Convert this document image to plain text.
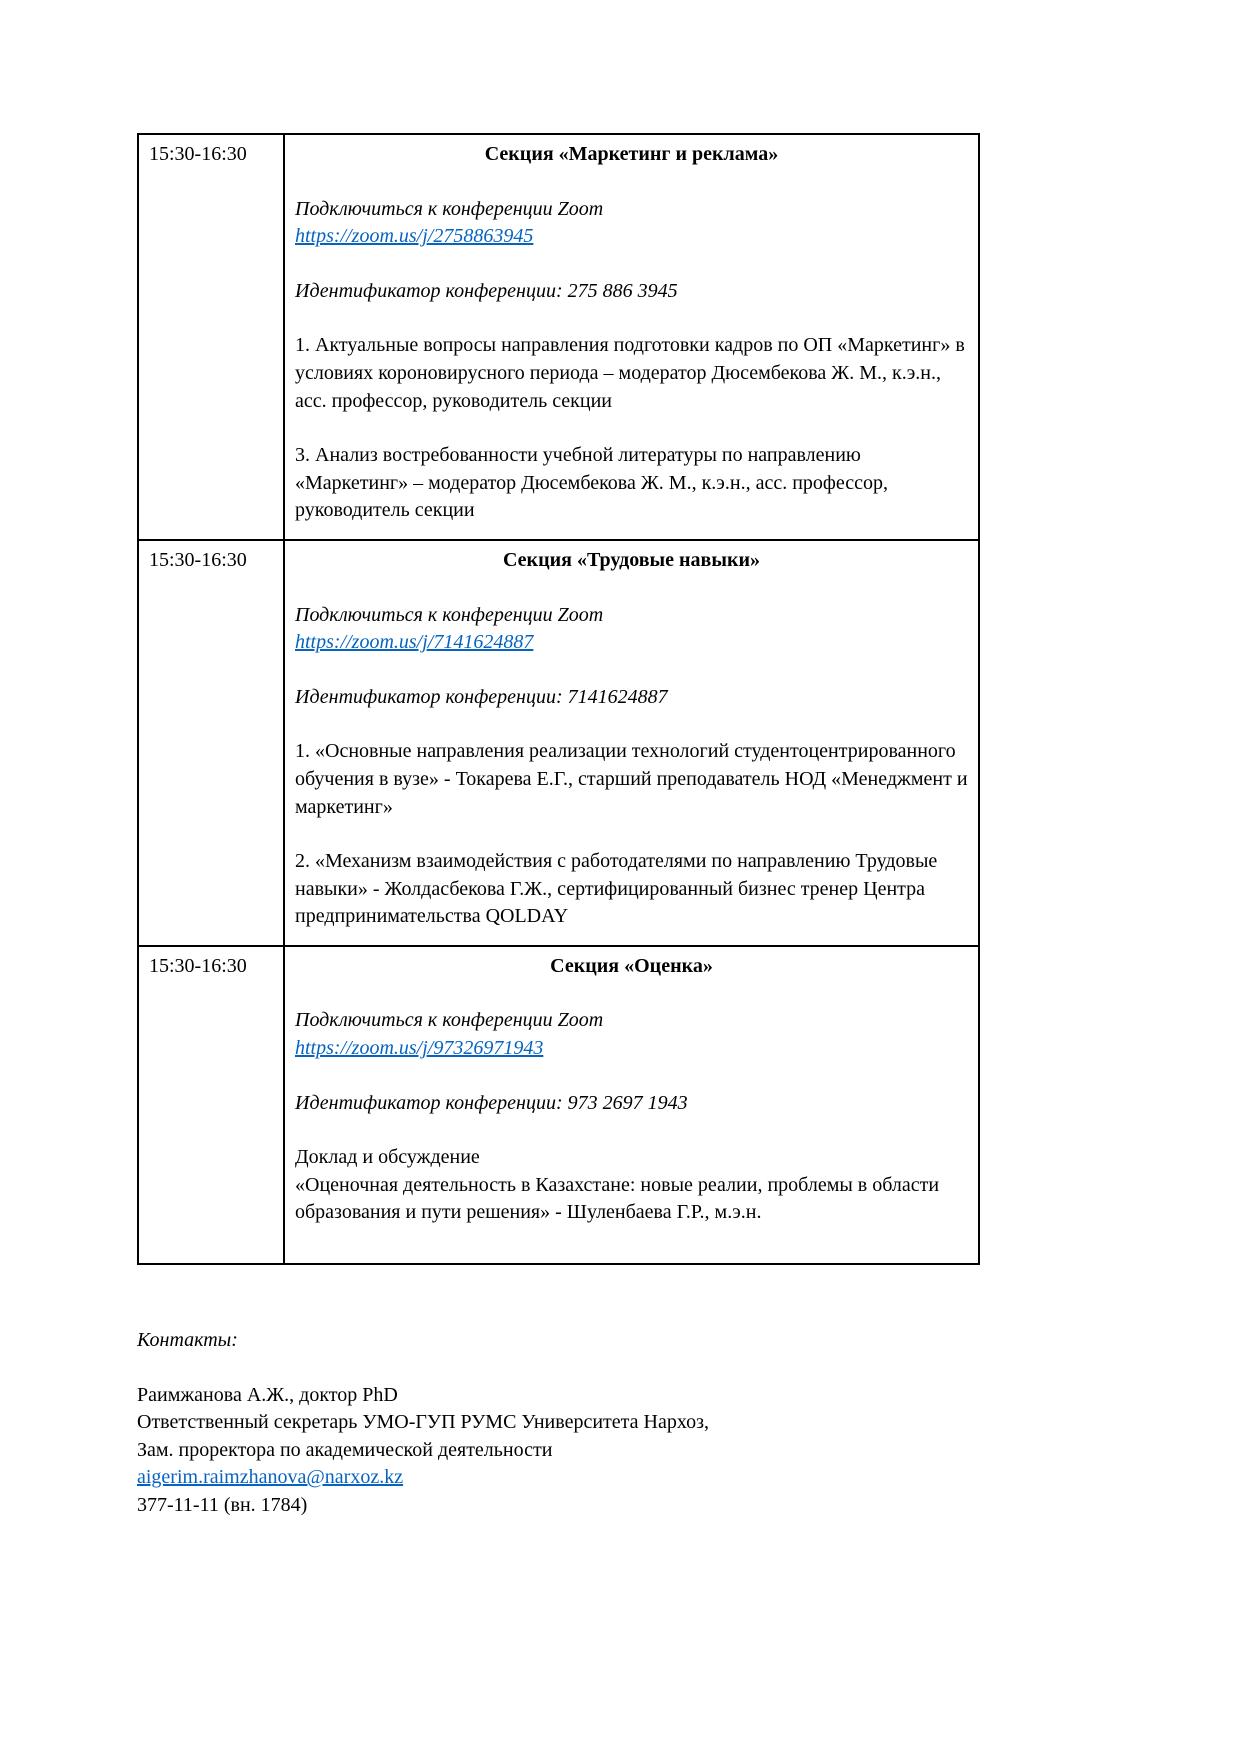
15:30-16:30	Секция «Маркетинг и реклама»
Подключиться к конференции Zoom
https://zoom.us/j/2758863945
Идентификатор конференции: 275 886 3945
1. Актуальные вопросы направления подготовки кадров по ОП «Маркетинг» в условиях короновирусного периода – модератор Дюсембекова Ж. М., к.э.н., асс. профессор, руководитель секции
3. Анализ востребованности учебной литературы по направлению «Маркетинг» – модератор Дюсембекова Ж. М., к.э.н., асс. профессор, руководитель секции

15:30-16:30	Секция «Трудовые навыки»
Подключиться к конференции Zoom
https://zoom.us/j/7141624887
Идентификатор конференции: 7141624887
1. «Основные направления реализации технологий студентоцентрированного обучения в вузе» - Токарева Е.Г., старший преподаватель НОД «Менеджмент и маркетинг»
2. «Механизм взаимодействия с работодателями по направлению Трудовые навыки» - Жолдасбекова Г.Ж., сертифицированный бизнес тренер Центра предпринимательства QOLDAY

15:30-16:30	Секция «Оценка»
Подключиться к конференции Zoom
https://zoom.us/j/97326971943
Идентификатор конференции: 973 2697 1943
Доклад и обсуждение
«Оценочная деятельность в Казахстане: новые реалии, проблемы в области образования и пути решения» - Шуленбаева Г.Р., м.э.н.
Контакты:

Раимжанова А.Ж., доктор PhD

Ответственный секретарь УМО-ГУП РУМС Университета Нархоз,

Зам. проректора по академической деятельности

aigerim.raimzhanova@narxoz.kz

377-11-11 (вн. 1784)
